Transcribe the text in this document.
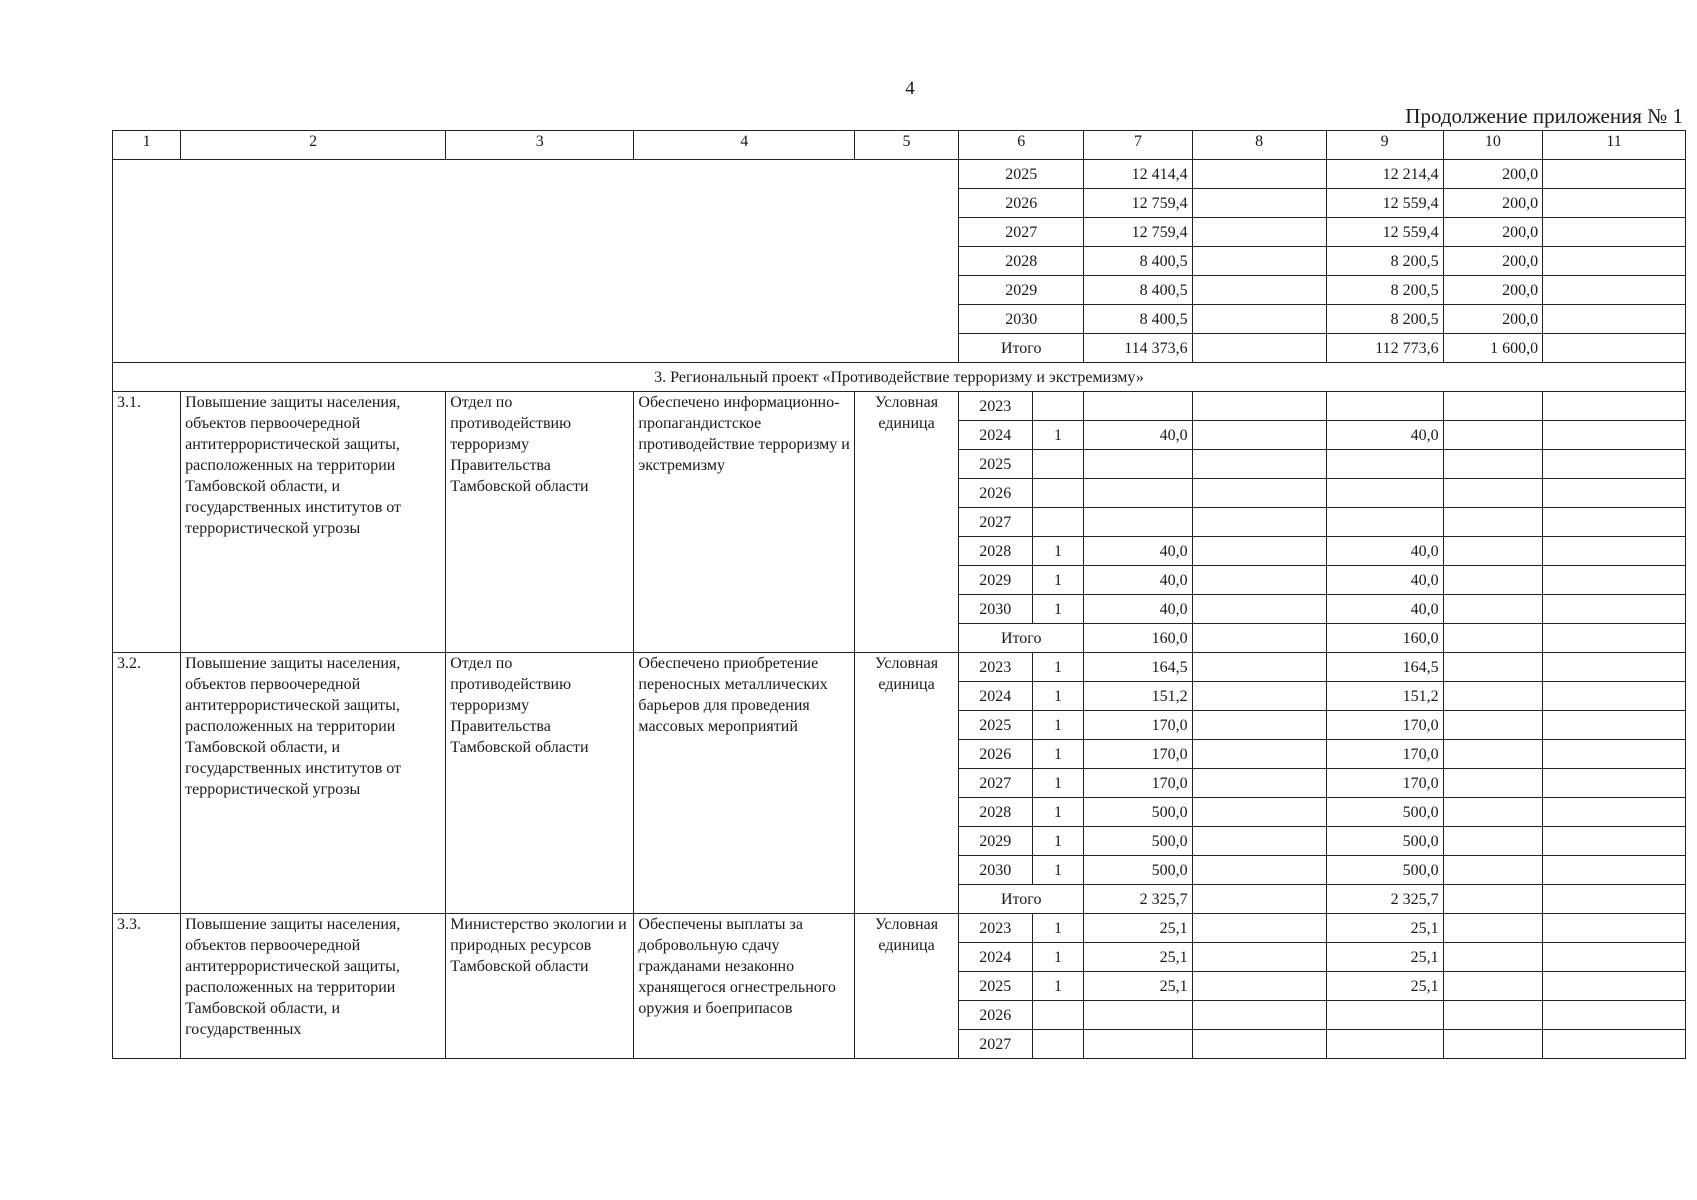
4
Продолжение приложения № 1
1	2	3	4	5	6		7	8	9	10	11
					2025		12 414,4		12 214,4	200,0	
					2026		12 759,4		12 559,4	200,0	
					2027		12 759,4		12 559,4	200,0	
					2028		8 400,5		8 200,5	200,0	
					2029		8 400,5		8 200,5	200,0	
					2030		8 400,5		8 200,5	200,0	
					Итого		114 373,6		112 773,6	1 600,0	
3. Региональный проект «Противодействие терроризму и экстремизму»											
3.1.	Повышение защиты населения, объектов первоочередной антитеррористической защиты, расположенных на территории Тамбовской области, и государственных институтов от террористической угрозы	Отдел по противодействию терроризму Правительства Тамбовской области	Обеспечено информационно-пропагандистское противодействие терроризму и экстремизму	Условная единица	2023						
					2024	1	40,0		40,0		
					2025						
					2026						
					2027						
					2028	1	40,0		40,0		
					2029	1	40,0		40,0		
					2030	1	40,0		40,0		
					Итого		160,0		160,0		
3.2.	Повышение защиты населения, объектов первоочередной антитеррористической защиты, расположенных на территории Тамбовской области, и государственных институтов от террористической угрозы	Отдел по противодействию терроризму Правительства Тамбовской области	Обеспечено приобретение переносных металлических барьеров для проведения массовых мероприятий	Условная единица	2023	1	164,5		164,5		
					2024	1	151,2		151,2		
					2025	1	170,0		170,0		
					2026	1	170,0		170,0		
					2027	1	170,0		170,0		
					2028	1	500,0		500,0		
					2029	1	500,0		500,0		
					2030	1	500,0		500,0		
					Итого		2 325,7		2 325,7		
3.3.	Повышение защиты населения, объектов первоочередной антитеррористической защиты, расположенных на территории Тамбовской области, и государственных	Министерство экологии и природных ресурсов Тамбовской области	Обеспечены выплаты за добровольную сдачу гражданами незаконно хранящегося огнестрельного оружия и боеприпасов	Условная единица	2023	1	25,1		25,1		
					2024	1	25,1		25,1		
					2025	1	25,1		25,1		
					2026						
					2027						
